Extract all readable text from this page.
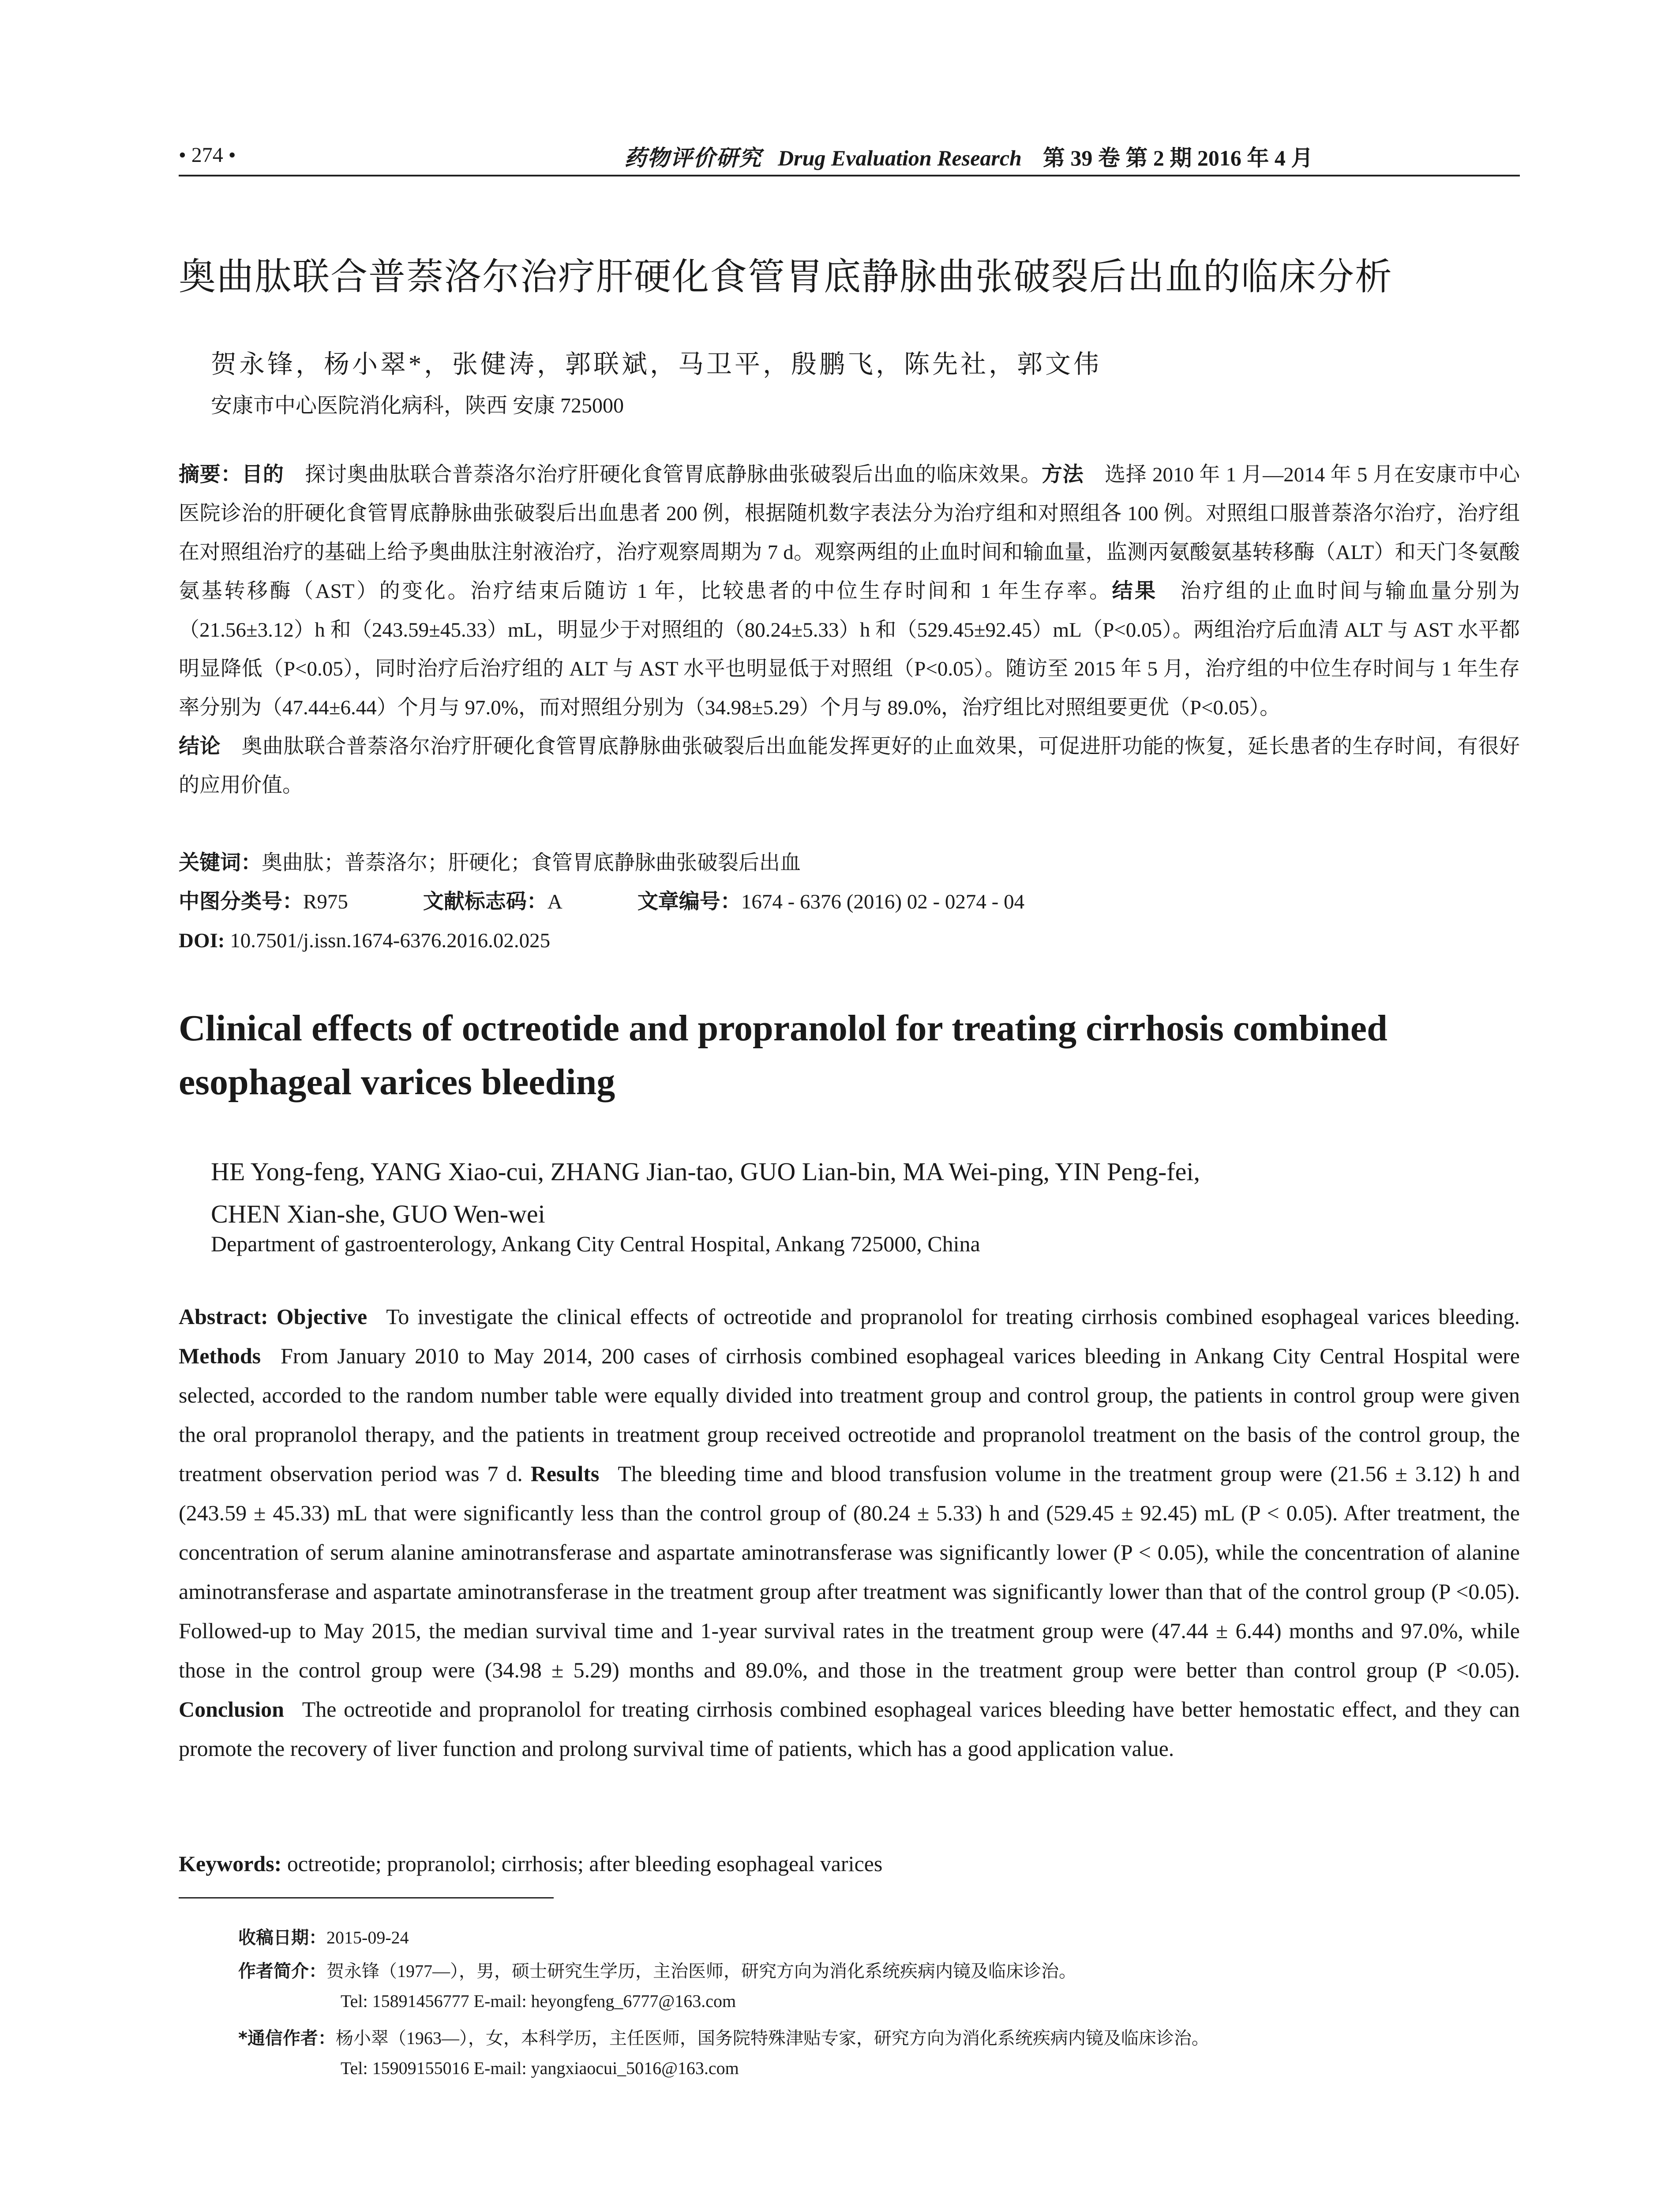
• 274 •	药物评价研究 Drug Evaluation Research 第 39 卷 第 2 期 2016 年 4 月
奥曲肽联合普萘洛尔治疗肝硬化食管胃底静脉曲张破裂后出血的临床分析
贺永锋，杨小翠*，张健涛，郭联斌，马卫平，殷鹏飞，陈先社，郭文伟
安康市中心医院消化病科，陕西 安康 725000
摘要：目的  探讨奥曲肽联合普萘洛尔治疗肝硬化食管胃底静脉曲张破裂后出血的临床效果。方法  选择 2010 年 1 月—2014 年 5 月在安康市中心医院诊治的肝硬化食管胃底静脉曲张破裂后出血患者 200 例，根据随机数字表法分为治疗组和对照组各 100 例。对照组口服普萘洛尔治疗，治疗组在对照组治疗的基础上给予奥曲肽注射液治疗，治疗观察周期为 7 d。观察两组的止血时间和输血量，监测丙氨酸氨基转移酶（ALT）和天门冬氨酸氨基转移酶（AST）的变化。治疗结束后随访 1 年，比较患者的中位生存时间和 1 年生存率。结果  治疗组的止血时间与输血量分别为（21.56±3.12）h 和（243.59±45.33）mL，明显少于对照组的（80.24±5.33）h 和（529.45±92.45）mL（P<0.05）。两组治疗后血清 ALT 与 AST 水平都明显降低（P<0.05），同时治疗后治疗组的 ALT 与 AST 水平也明显低于对照组（P<0.05）。随访至 2015 年 5 月，治疗组的中位生存时间与 1 年生存率分别为（47.44±6.44）个月与 97.0%，而对照组分别为（34.98±5.29）个月与 89.0%，治疗组比对照组要更优（P<0.05）。
结论  奥曲肽联合普萘洛尔治疗肝硬化食管胃底静脉曲张破裂后出血能发挥更好的止血效果，可促进肝功能的恢复，延长患者的生存时间，有很好的应用价值。
关键词：奥曲肽；普萘洛尔；肝硬化；食管胃底静脉曲张破裂后出血
中图分类号：R975	文献标志码：A	文章编号：1674 - 6376 (2016) 02 - 0274 - 04
DOI: 10.7501/j.issn.1674-6376.2016.02.025
Clinical effects of octreotide and propranolol for treating cirrhosis combined esophageal varices bleeding
HE Yong-feng, YANG Xiao-cui, ZHANG Jian-tao, GUO Lian-bin, MA Wei-ping, YIN Peng-fei,
CHEN Xian-she, GUO Wen-wei
Department of gastroenterology, Ankang City Central Hospital, Ankang 725000, China
Abstract: Objective  To investigate the clinical effects of octreotide and propranolol for treating cirrhosis combined esophageal varices bleeding. Methods  From January 2010 to May 2014, 200 cases of cirrhosis combined esophageal varices bleeding in Ankang City Central Hospital were selected, accorded to the random number table were equally divided into treatment group and control group, the patients in control group were given the oral propranolol therapy, and the patients in treatment group received octreotide and propranolol treatment on the basis of the control group, the treatment observation period was 7 d. Results  The bleeding time and blood transfusion volume in the treatment group were (21.56 ± 3.12) h and (243.59 ± 45.33) mL that were significantly less than the control group of (80.24 ± 5.33) h and (529.45 ± 92.45) mL (P < 0.05). After treatment, the concentration of serum alanine aminotransferase and aspartate aminotransferase was significantly lower (P < 0.05), while the concentration of alanine aminotransferase and aspartate aminotransferase in the treatment group after treatment was significantly lower than that of the control group (P <0.05). Followed-up to May 2015, the median survival time and 1-year survival rates in the treatment group were (47.44 ± 6.44) months and 97.0%, while those in the control group were (34.98 ± 5.29) months and 89.0%, and those in the treatment group were better than control group (P <0.05). Conclusion  The octreotide and propranolol for treating cirrhosis combined esophageal varices bleeding have better hemostatic effect, and they can promote the recovery of liver function and prolong survival time of patients, which has a good application value.
Keywords: octreotide; propranolol; cirrhosis; after bleeding esophageal varices
收稿日期：2015-09-24
作者简介：贺永锋（1977—），男，硕士研究生学历，主治医师，研究方向为消化系统疾病内镜及临床诊治。
Tel: 15891456777 E-mail: heyongfeng_6777@163.com
*通信作者：杨小翠（1963—），女，本科学历，主任医师，国务院特殊津贴专家，研究方向为消化系统疾病内镜及临床诊治。
Tel: 15909155016 E-mail: yangxiaocui_5016@163.com
